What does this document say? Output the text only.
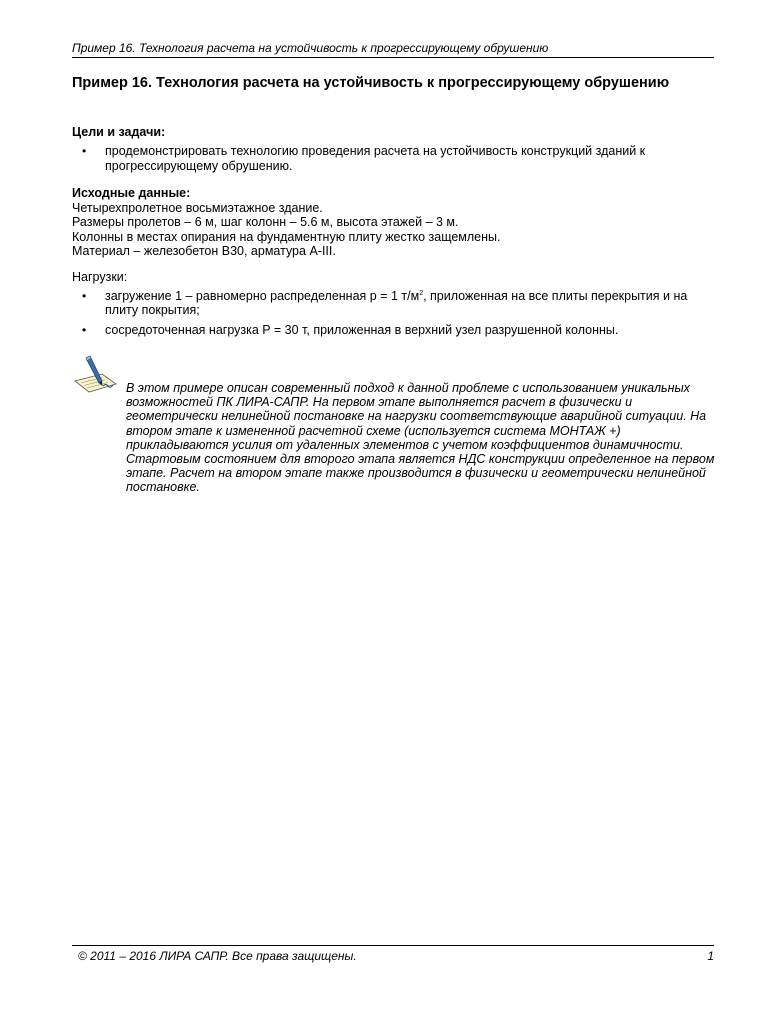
Пример 16. Технология расчета на устойчивость к прогрессирующему обрушению
Пример 16. Технология расчета на устойчивость к прогрессирующему обрушению
Цели и задачи:
• продемонстрировать технологию проведения расчета на устойчивость конструкций зданий к прогрессирующему обрушению.
Исходные данные:
Четырехпролетное восьмиэтажное здание.
Размеры пролетов – 6 м, шаг колонн – 5.6 м, высота этажей – 3 м.
Колонны в местах опирания на фундаментную плиту жестко защемлены.
Материал – железобетон B30, арматура A-III.
Нагрузки:
• загружение 1 – равномерно распределенная p = 1 $т/м^2$, приложенная на все плиты перекрытия и на плиту покрытия;
• сосредоточенная нагрузка P = 30 т, приложенная в верхний узел разрушенной колонны.
В этом примере описан современный подход к данной проблеме с использованием уникальных возможностей ПК ЛИРА-САПР. На первом этапе выполняется расчет в физически и геометрически нелинейной постановке на нагрузки соответствующие аварийной ситуации. На втором этапе к измененной расчетной схеме (используется система МОНТАЖ +) прикладываются усилия от удаленных элементов с учетом коэффициентов динамичности. Стартовым состоянием для второго этапа является НДС конструкции определенное на первом этапе. Расчет на втором этапе также производится в физически и геометрически нелинейной постановке.
© 2011 – 2016 ЛИРА САПР. Все права защищены.	1
